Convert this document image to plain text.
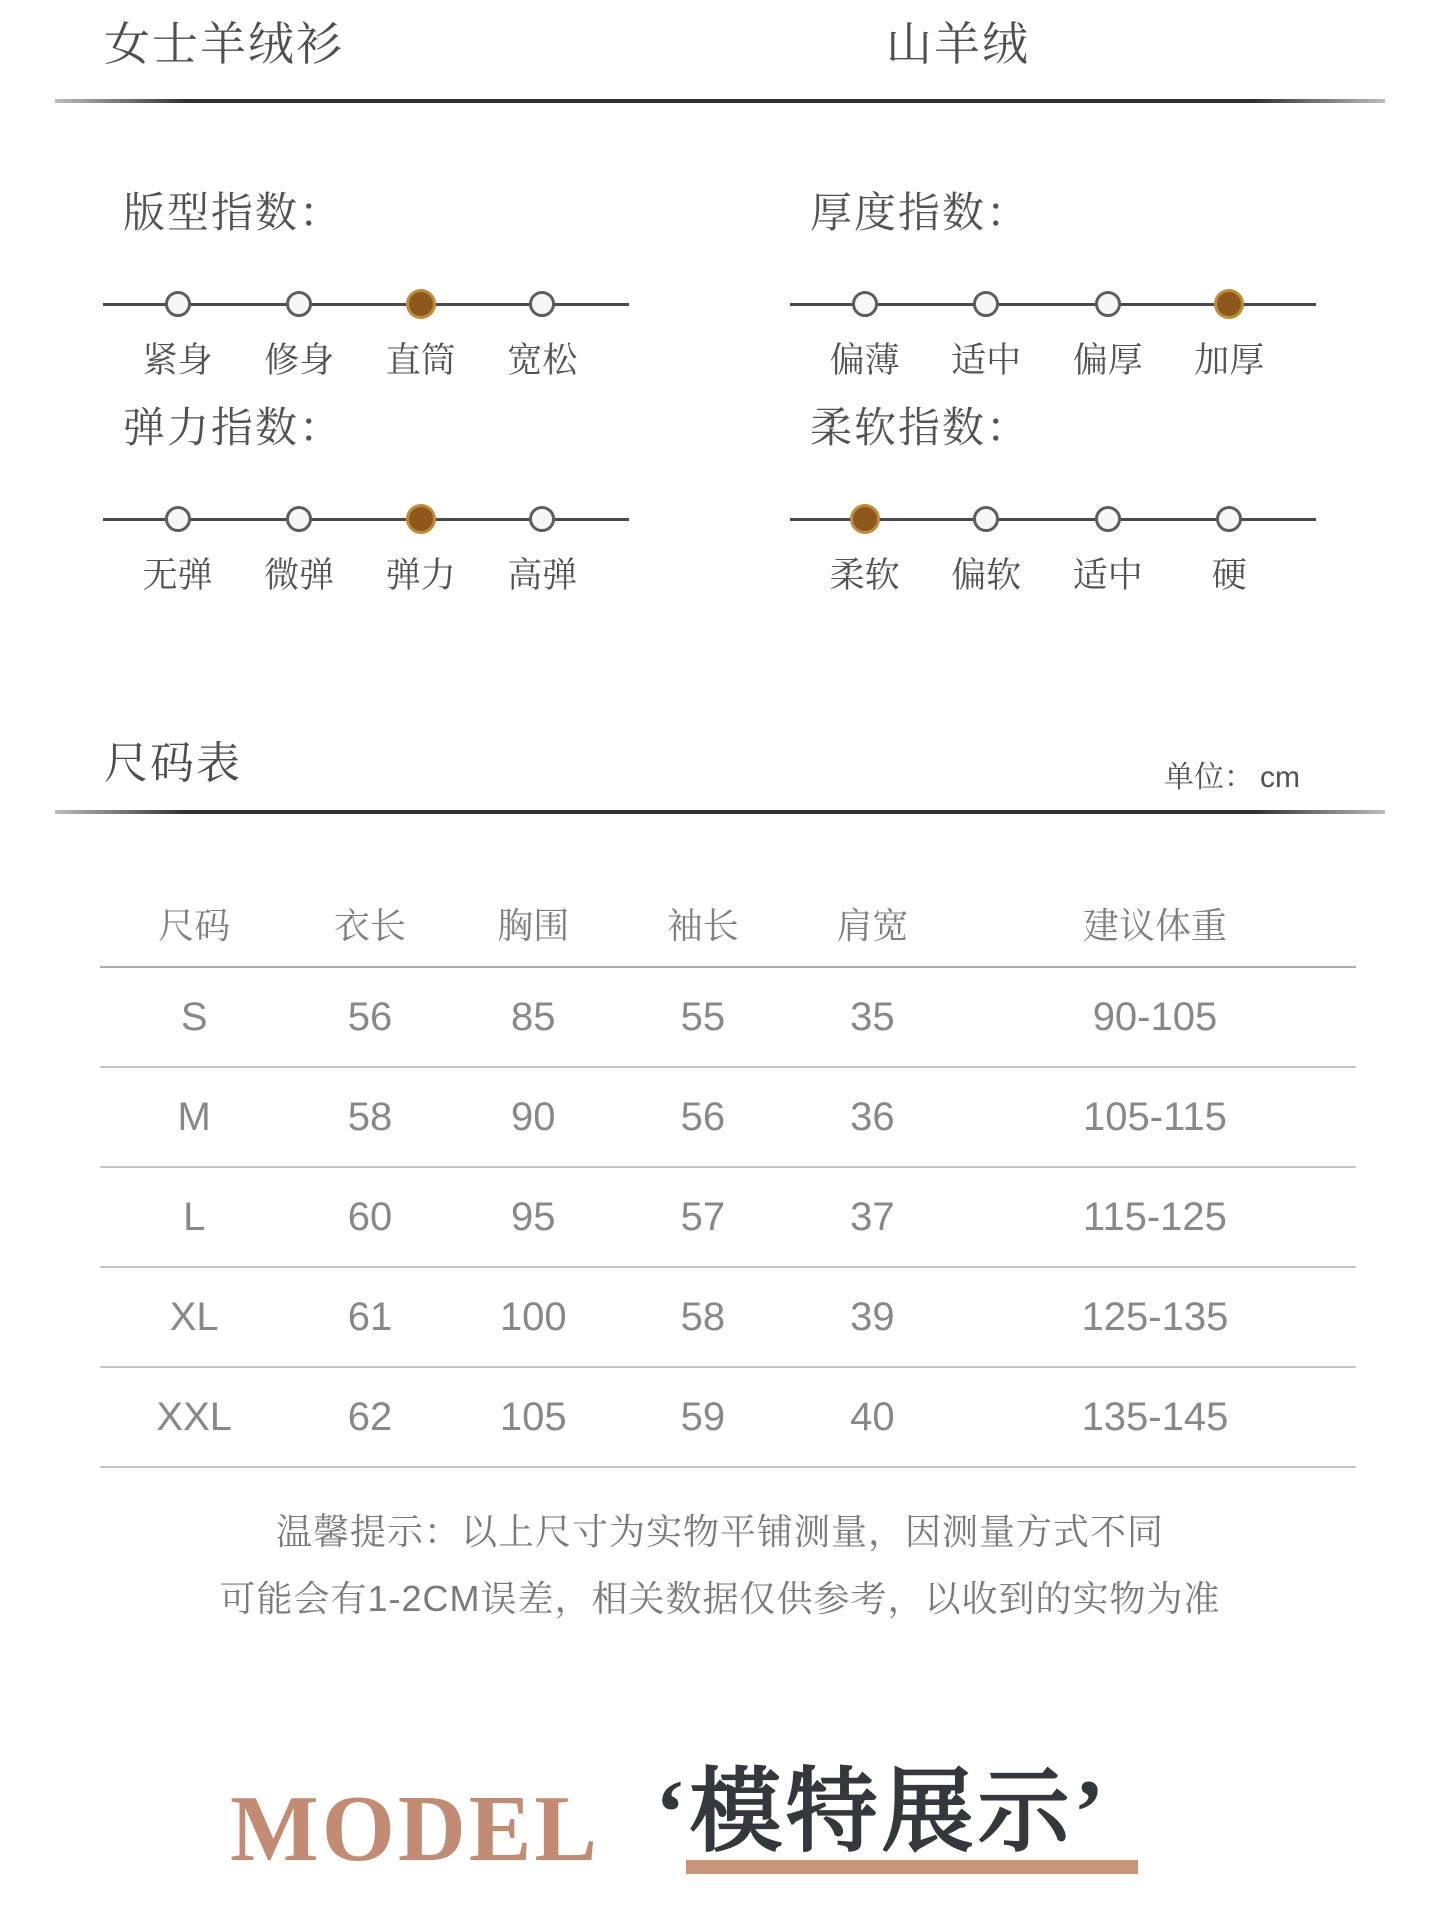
女士羊绒衫	山羊绒
版型指数：
紧身 修身 直筒 宽松
厚度指数：
偏薄 适中 偏厚 加厚
弹力指数：
无弹 微弹 弹力 高弹
柔软指数：
柔软 偏软 适中 硬
尺码表	单位： cm
尺码	衣长	胸围	袖长	肩宽	建议体重
S	56	85	55	35	90-105
M	58	90	56	36	105-115
L	60	95	57	37	115-125
XL	61	100	58	39	125-135
XXL	62	105	59	40	135-145
温馨提示：以上尺寸为实物平铺测量，因测量方式不同
可能会有1-2CM误差，相关数据仅供参考，以收到的实物为准
MODEL ‘模特展示’
